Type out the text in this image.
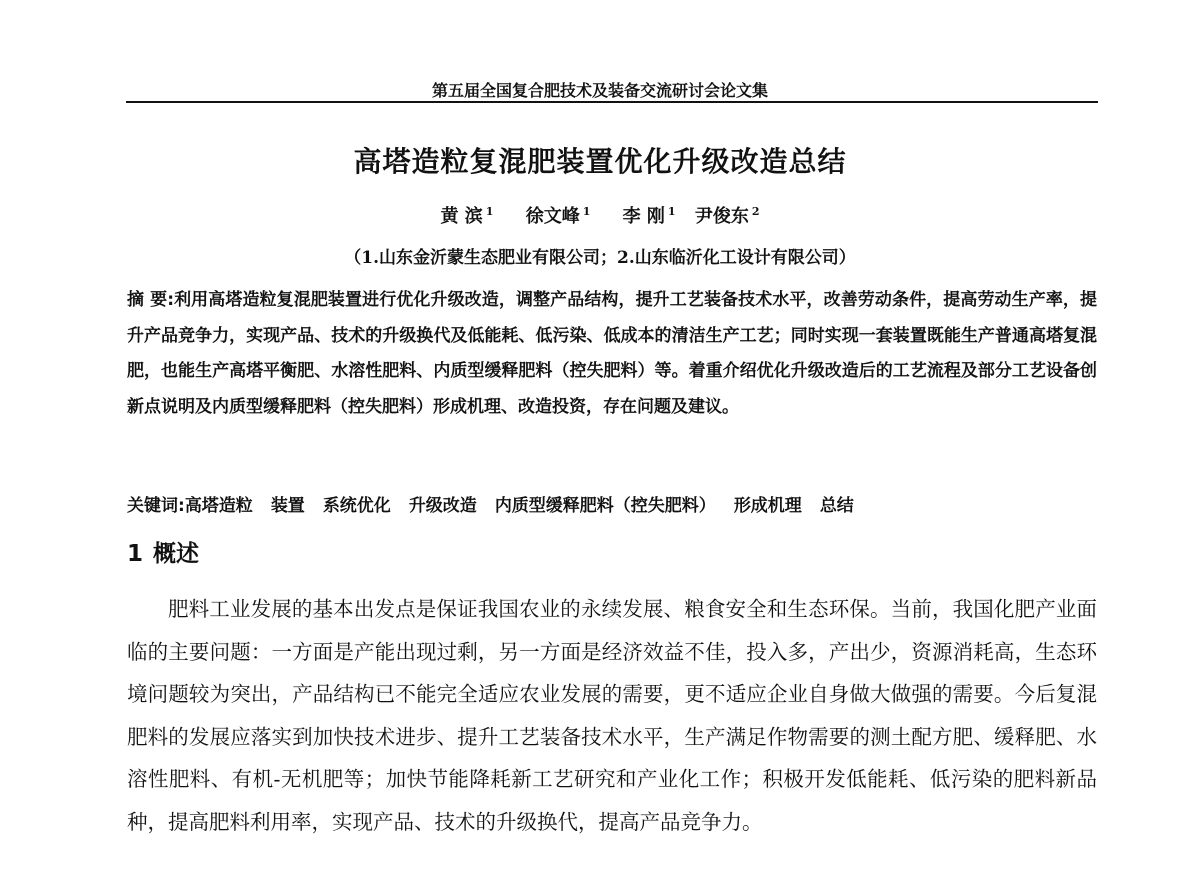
第五届全国复合肥技术及装备交流研讨会论文集
高塔造粒复混肥装置优化升级改造总结
黄 滨 $^1$ 徐文峰 $^1$ 李 刚 $^1$ 尹俊东 $^2$
（1.山东金沂蒙生态肥业有限公司；2.山东临沂化工设计有限公司）
摘 要:利用高塔造粒复混肥装置进行优化升级改造，调整产品结构，提升工艺装备技术水平，改善劳动条件，提高劳动生产率，提升产品竞争力，实现产品、技术的升级换代及低能耗、低污染、低成本的清洁生产工艺；同时实现一套装置既能生产普通高塔复混肥，也能生产高塔平衡肥、水溶性肥料、内质型缓释肥料（控失肥料）等。着重介绍优化升级改造后的工艺流程及部分工艺设备创新点说明及内质型缓释肥料（控失肥料）形成机理、改造投资，存在问题及建议。
关键词:高塔造粒 装置 系统优化 升级改造 内质型缓释肥料（控失肥料） 形成机理 总结
1 概述
肥料工业发展的基本出发点是保证我国农业的永续发展、粮食安全和生态环保。当前，我国化肥产业面临的主要问题：一方面是产能出现过剩，另一方面是经济效益不佳，投入多，产出少，资源消耗高，生态环境问题较为突出，产品结构已不能完全适应农业发展的需要，更不适应企业自身做大做强的需要。今后复混肥料的发展应落实到加快技术进步、提升工艺装备技术水平，生产满足作物需要的测土配方肥、缓释肥、水溶性肥料、有机-无机肥等；加快节能降耗新工艺研究和产业化工作；积极开发低能耗、低污染的肥料新品种，提高肥料利用率，实现产品、技术的升级换代，提高产品竞争力。
